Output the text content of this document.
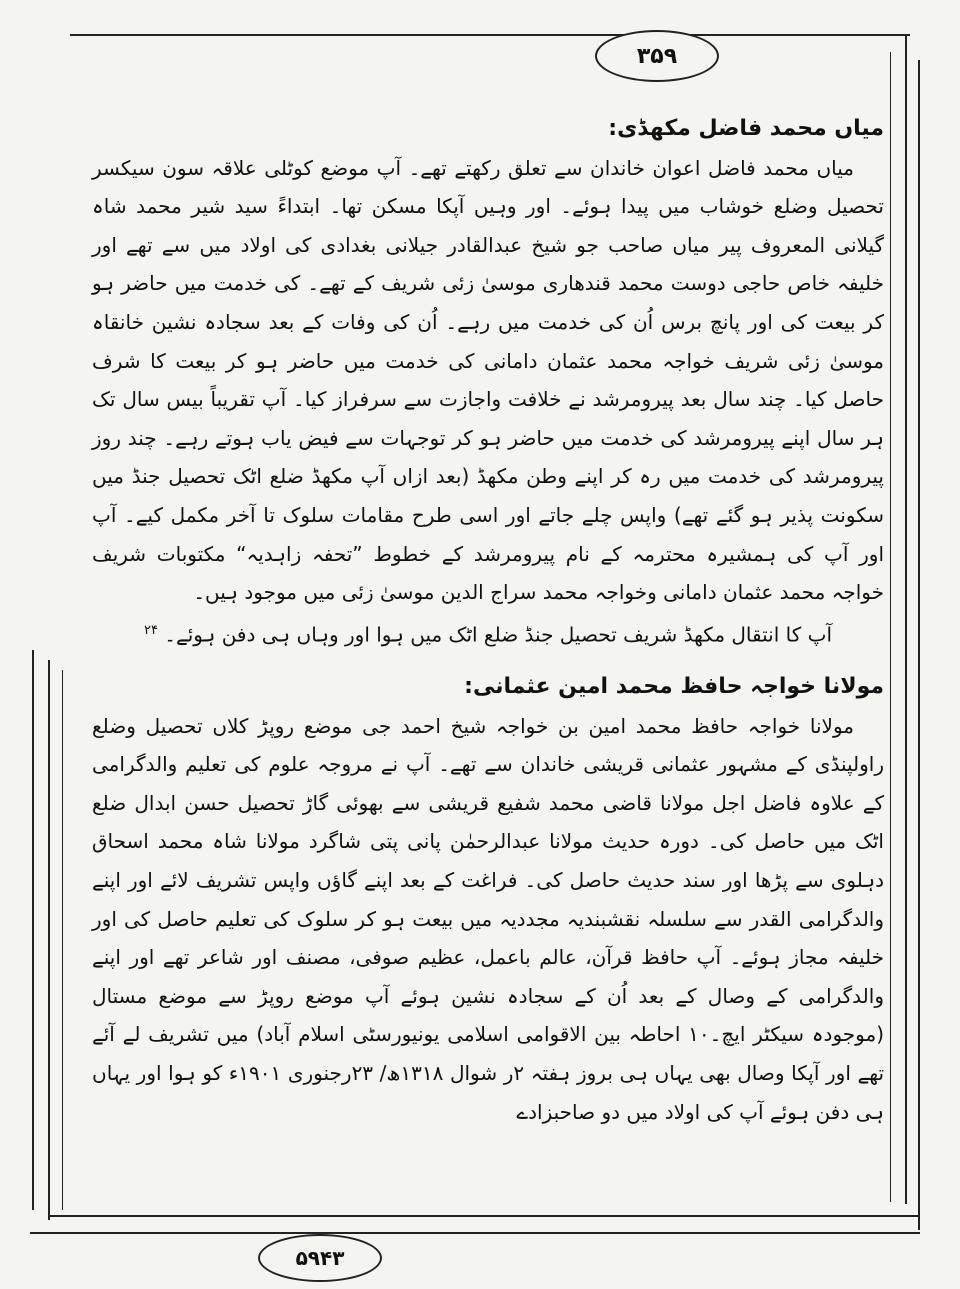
۳۵۹

میاں محمد فاضل مکھڈی:

میاں محمد فاضل اعوان خاندان سے تعلق رکھتے تھے۔ آپ موضع کوٹلی علاقہ سون سیکسر تحصیل وضلع خوشاب میں پیدا ہوئے۔ اور وہیں آپکا مسکن تھا۔ ابتداءً سید شیر محمد شاہ گیلانی المعروف پیر میاں صاحب جو شیخ عبدالقادر جیلانی بغدادی کی اولاد میں سے تھے اور خلیفہ خاص حاجی دوست محمد قندھاری موسیٰ زئی شریف کے تھے۔ کی خدمت میں حاضر ہو کر بیعت کی اور پانچ برس اُن کی خدمت میں رہے۔ اُن کی وفات کے بعد سجادہ نشین خانقاہ موسیٰ زئی شریف خواجہ محمد عثمان دامانی کی خدمت میں حاضر ہو کر بیعت کا شرف حاصل کیا۔ چند سال بعد پیرومرشد نے خلافت واجازت سے سرفراز کیا۔ آپ تقریباً بیس سال تک ہر سال اپنے پیرومرشد کی خدمت میں حاضر ہو کر توجہات سے فیض یاب ہوتے رہے۔ چند روز پیرومرشد کی خدمت میں رہ کر اپنے وطن مکھڈ (بعد ازاں آپ مکھڈ ضلع اٹک تحصیل جنڈ میں سکونت پذیر ہو گئے تھے) واپس چلے جاتے اور اسی طرح مقامات سلوک تا آخر مکمل کیے۔ آپ اور آپ کی ہمشیرہ محترمہ کے نام پیرومرشد کے خطوط ”تحفہ زاہدیہ“ مکتوبات شریف خواجہ محمد عثمان دامانی وخواجہ محمد سراج الدین موسیٰ زئی میں موجود ہیں۔

آپ کا انتقال مکھڈ شریف تحصیل جنڈ ضلع اٹک میں ہوا اور وہاں ہی دفن ہوئے۔ $^{۲۴}$

مولانا خواجہ حافظ محمد امین عثمانی:

مولانا خواجہ حافظ محمد امین بن خواجہ شیخ احمد جی موضع روپڑ کلاں تحصیل وضلع راولپنڈی کے مشہور عثمانی قریشی خاندان سے تھے۔ آپ نے مروجہ علوم کی تعلیم والدگرامی کے علاوہ فاضل اجل مولانا قاضی محمد شفیع قریشی سے بھوئی گاڑ تحصیل حسن ابدال ضلع اٹک میں حاصل کی۔ دورہ حدیث مولانا عبدالرحمٰن پانی پتی شاگرد مولانا شاہ محمد اسحاق دہلوی سے پڑھا اور سند حدیث حاصل کی۔ فراغت کے بعد اپنے گاؤں واپس تشریف لائے اور اپنے والدگرامی القدر سے سلسلہ نقشبندیہ مجددیہ میں بیعت ہو کر سلوک کی تعلیم حاصل کی اور خلیفہ مجاز ہوئے۔ آپ حافظ قرآن، عالم باعمل، عظیم صوفی، مصنف اور شاعر تھے اور اپنے والدگرامی کے وصال کے بعد اُن کے سجادہ نشین ہوئے آپ موضع روپڑ سے موضع مستال (موجودہ سیکٹر ایچ۔۱۰ احاطہ بین الاقوامی اسلامی یونیورسٹی اسلام آباد) میں تشریف لے آئے تھے اور آپکا وصال بھی یہاں ہی بروز ہفتہ ۲ر شوال ۱۳۱۸ھ/ ۲۳رجنوری ۱۹۰۱ء کو ہوا اور یہاں ہی دفن ہوئے آپ کی اولاد میں دو صاحبزادے

۵۹۴۳
